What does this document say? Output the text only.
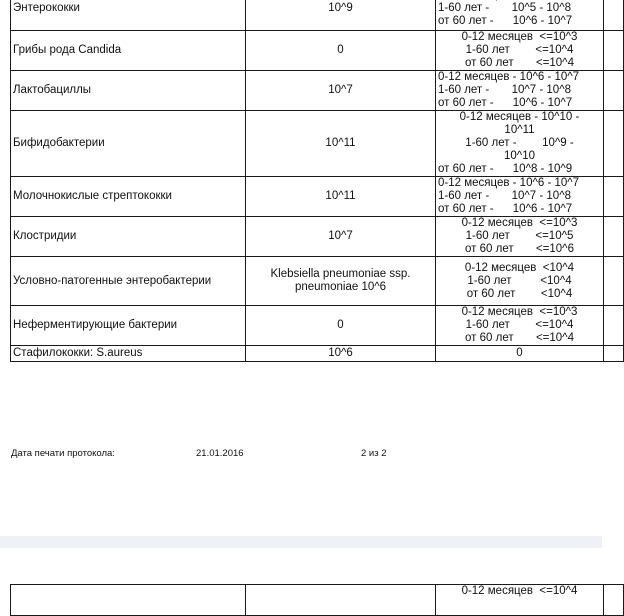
Энтерококки	10^9	1-60 лет -       10^5 - 10^8
от 60 лет -      10^6 - 10^7	

Грибы рода Candida	0	0-12 месяцев  <=10^3
1-60 лет        <=10^4
от 60 лет       <=10^4	

Лактобациллы	10^7	0-12 месяцев - 10^6 - 10^7
1-60 лет -       10^7 - 10^8
от 60 лет -      10^6 - 10^7	

Бифидобактерии	10^11	0-12 месяцев - 10^10 -
10^11
1-60 лет -        10^9 -
10^10
от 60 лет -      10^8 - 10^9	

Молочнокислые стрептококки	10^11	0-12 месяцев - 10^6 - 10^7
1-60 лет -       10^7 - 10^8
от 60 лет -      10^6 - 10^7	

Клостридии	10^7	0-12 месяцев  <=10^3
1-60 лет        <=10^5
от 60 лет       <=10^6	

Условно-патогенные энтеробактерии	Klebsiella pneumoniae ssp.
pneumoniae 10^6	0-12 месяцев  <10^4
1-60 лет         <10^4
от 60 лет        <10^4	

Неферментирующие бактерии	0	0-12 месяцев  <=10^3
1-60 лет        <=10^4
от 60 лет       <=10^4	

Стафилококки: S.aureus	10^6	0	

Дата печати протокола:	21.01.2016	2 из 2

0-12 месяцев  <=10^4
